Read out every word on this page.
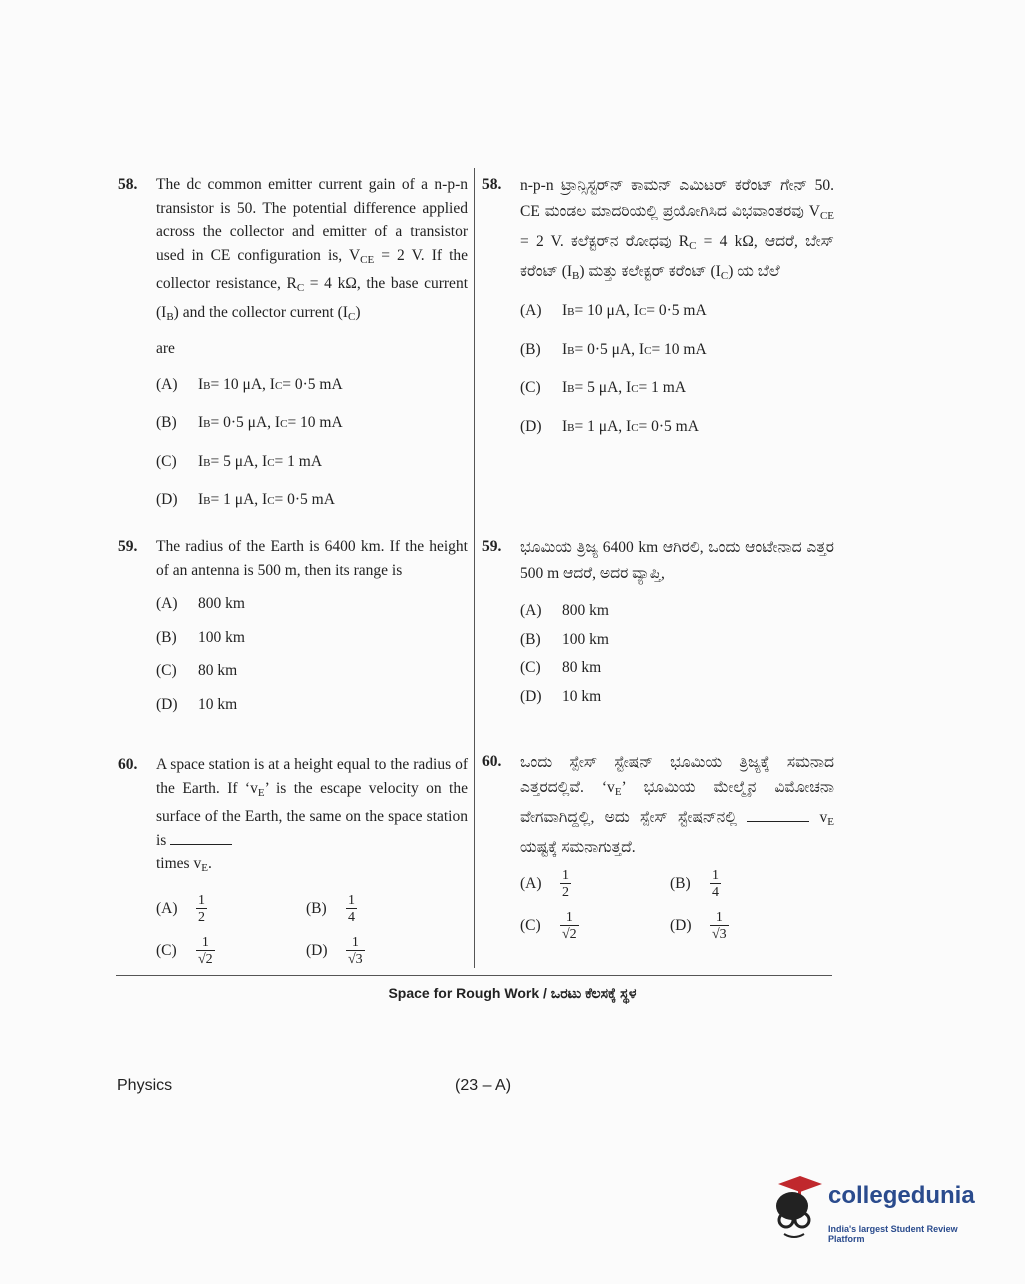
58. The dc common emitter current gain of a n-p-n transistor is 50. The potential difference applied across the collector and emitter of a transistor used in CE configuration is, $V_{CE} = 2$ V. If the collector resistance, $R_C = 4$ kΩ, the base current $(I_B)$ and the collector current $(I_C)$
are
(A)	I B = 10 μA, I C = 0·5 mA
(B)	I B = 0·5 μA, I C = 10 mA
(C)	I B = 5 μA, I C = 1 mA
(D)	I B = 1 μA, I C = 0·5 mA
59. The radius of the Earth is 6400 km. If the height of an antenna is 500 m, then its range is
(A)	800 km
(B)	100 km
(C)	80 km
(D)	10 km
60. A space station is at a height equal to the radius of the Earth. If ‘$v_E$’ is the escape velocity on the surface of the Earth, the same on the space station is
times $v_E$.
(A)	$\frac{1}{2}$	(B)	$\frac{1}{4}$
(C)	$\frac{1}{√2}$	(D)	$\frac{1}{√3}$
58. n-p-n ಟ್ರಾನ್ಸಿಸ್ಟರ್‌ನ್ ಕಾಮನ್ ಎಮಿಟರ್ ಕರೆಂಟ್ ಗೇನ್ 50. CE ಮಂಡಲ ಮಾದರಿಯಲ್ಲಿ ಪ್ರಯೋಗಿಸಿದ ವಿಭವಾಂತರವು $V_{CE} = 2$ V. ಕಲೆಕ್ಟರ್‌ನ ರೋಧವು $R_C = 4$ kΩ, ಆದರೆ, ಬೇಸ್ ಕರೆಂಟ್ $(I_B)$ ಮತ್ತು ಕಲೇಕ್ಟರ್ ಕರೆಂಟ್ $(I_C)$ ಯ ಬೆಲೆ
(A)	I B = 10 μA, I C = 0·5 mA
(B)	I B = 0·5 μA, I C = 10 mA
(C)	I B = 5 μA, I C = 1 mA
(D)	I B = 1 μA, I C = 0·5 mA
59. ಭೂಮಿಯ ತ್ರಿಜ್ಯ 6400 km ಆಗಿರಲಿ, ಒಂದು ಆಂಟೇನಾದ ಎತ್ತರ 500 m ಆದರೆ, ಅದರ ವ್ಯಾಪ್ತಿ,
(A)	800 km
(B)	100 km
(C)	80 km
(D)	10 km
60. ಒಂದು ಸ್ಪೇಸ್ ಸ್ಟೇಷನ್ ಭೂಮಿಯ ತ್ರಿಜ್ಯಕ್ಕೆ ಸಮನಾದ ಎತ್ತರದಲ್ಲಿವೆ. ‘$v_E$’ ಭೂಮಿಯ ಮೇಲ್ಮೈನ ವಿಮೋಚನಾ ವೇಗವಾಗಿದ್ದಲ್ಲಿ, ಅದು ಸ್ಪೇಸ್ ಸ್ಟೇಷನ್‌ನಲ್ಲಿ	$v_E$ ಯಷ್ಟಕ್ಕೆ ಸಮನಾಗುತ್ತದೆ.
(A)	$\frac{1}{2}$	(B)	$\frac{1}{4}$
(C)	$\frac{1}{√2}$	(D)	$\frac{1}{√3}$
Space for Rough Work / ಒರಟು ಕೆಲಸಕ್ಕೆ ಸ್ಥಳ
Physics	(23 – A)
collegedunia
India's largest Student Review Platform
